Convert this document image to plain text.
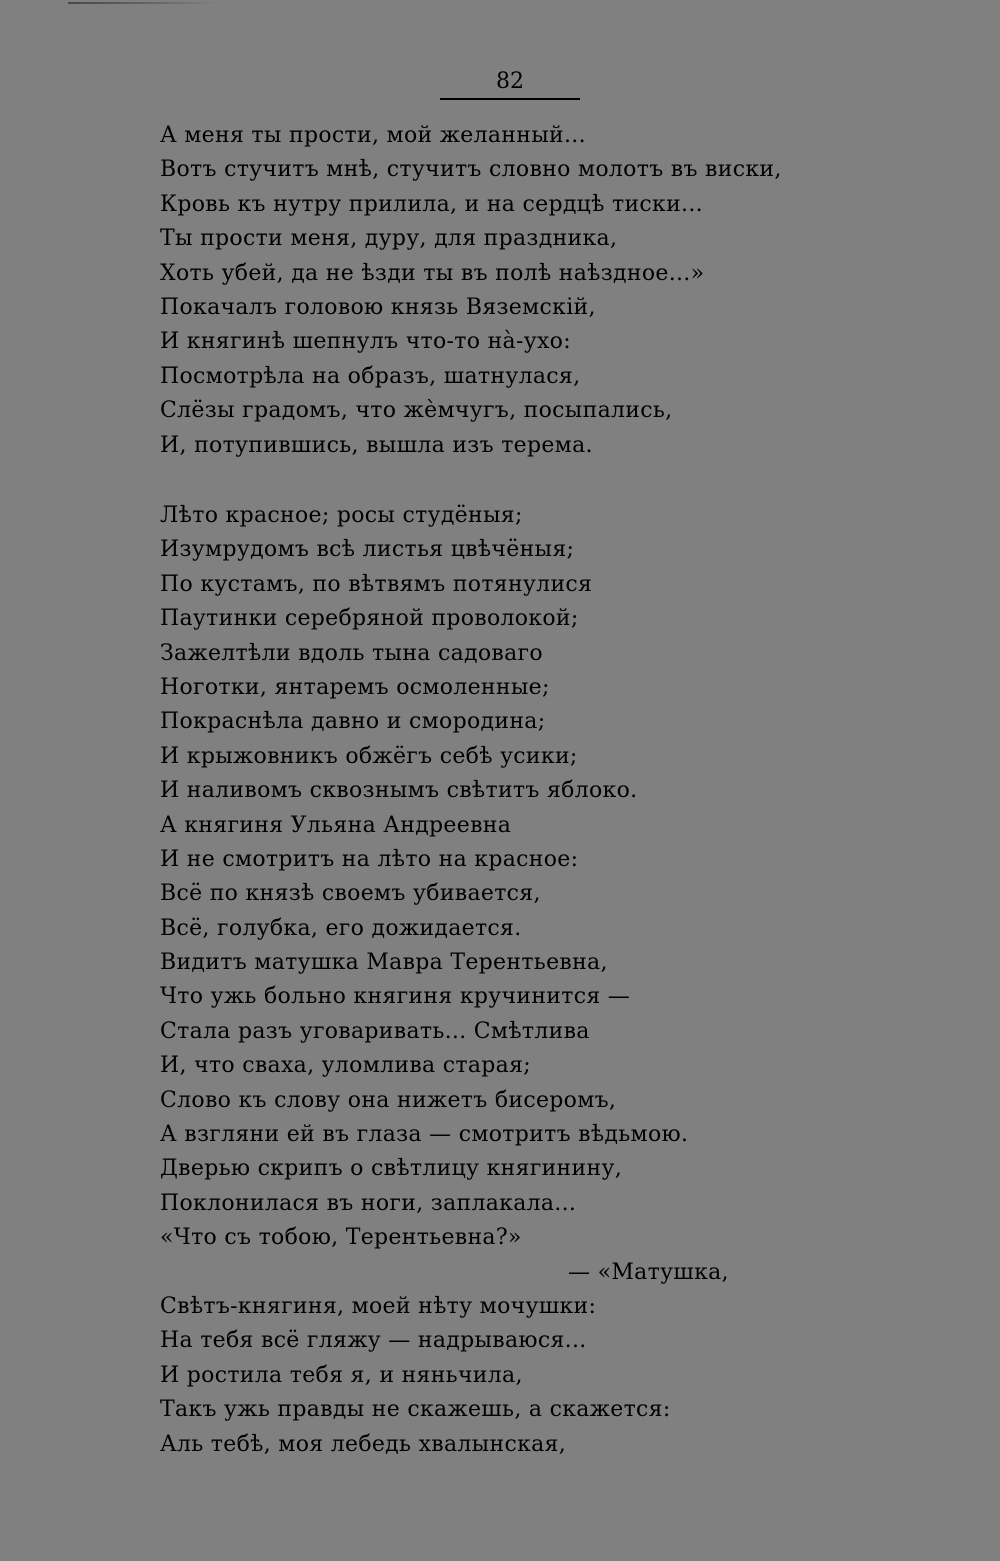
82
А меня ты прости, мой желанный...
Вотъ стучитъ мнѣ, стучитъ словно молотъ въ виски,
Кровь къ нутру прилила, и на сердцѣ тиски...
Ты прости меня, дуру, для праздника,
Хоть убей, да не ѣзди ты въ полѣ наѣздное...»
Покачалъ головою князь Вяземскій,
И княгинѣ шепнулъ что-то на̀-ухо:
Посмотрѣла на образъ, шатнулася,
Слёзы градомъ, что жѐмчугъ, посыпались,
И, потупившись, вышла изъ терема.
Лѣто красное; росы студёныя;
Изумрудомъ всѣ листья цвѣчёныя;
По кустамъ, по вѣтвямъ потянулися
Паутинки серебряной проволокой;
Зажелтѣли вдоль тына садоваго
Ноготки, янтаремъ осмоленные;
Покраснѣла давно и смородина;
И крыжовникъ обжёгъ себѣ усики;
И наливомъ сквознымъ свѣтитъ яблоко.
А княгиня Ульяна Андреевна
И не смотритъ на лѣто на красное:
Всё по князѣ своемъ убивается,
Всё, голубка, его дожидается.
Видитъ матушка Мавра Терентьевна,
Что ужь больно княгиня кручинится —
Стала разъ уговаривать... Смѣтлива
И, что сваха, уломлива старая;
Слово къ слову она нижетъ бисеромъ,
А взгляни ей въ глаза — смотритъ вѣдьмою.
Дверью скрипъ о свѣтлицу княгинину,
Поклонилася въ ноги, заплакала...
«Что съ тобою, Терентьевна?»
— «Матушка,
Свѣтъ-княгиня, моей нѣту мочушки:
На тебя всё гляжу — надрываюся...
И ростила тебя я, и няньчила,
Такъ ужь правды не скажешь, а скажется:
Аль тебѣ, моя лебедь хвалынская,
